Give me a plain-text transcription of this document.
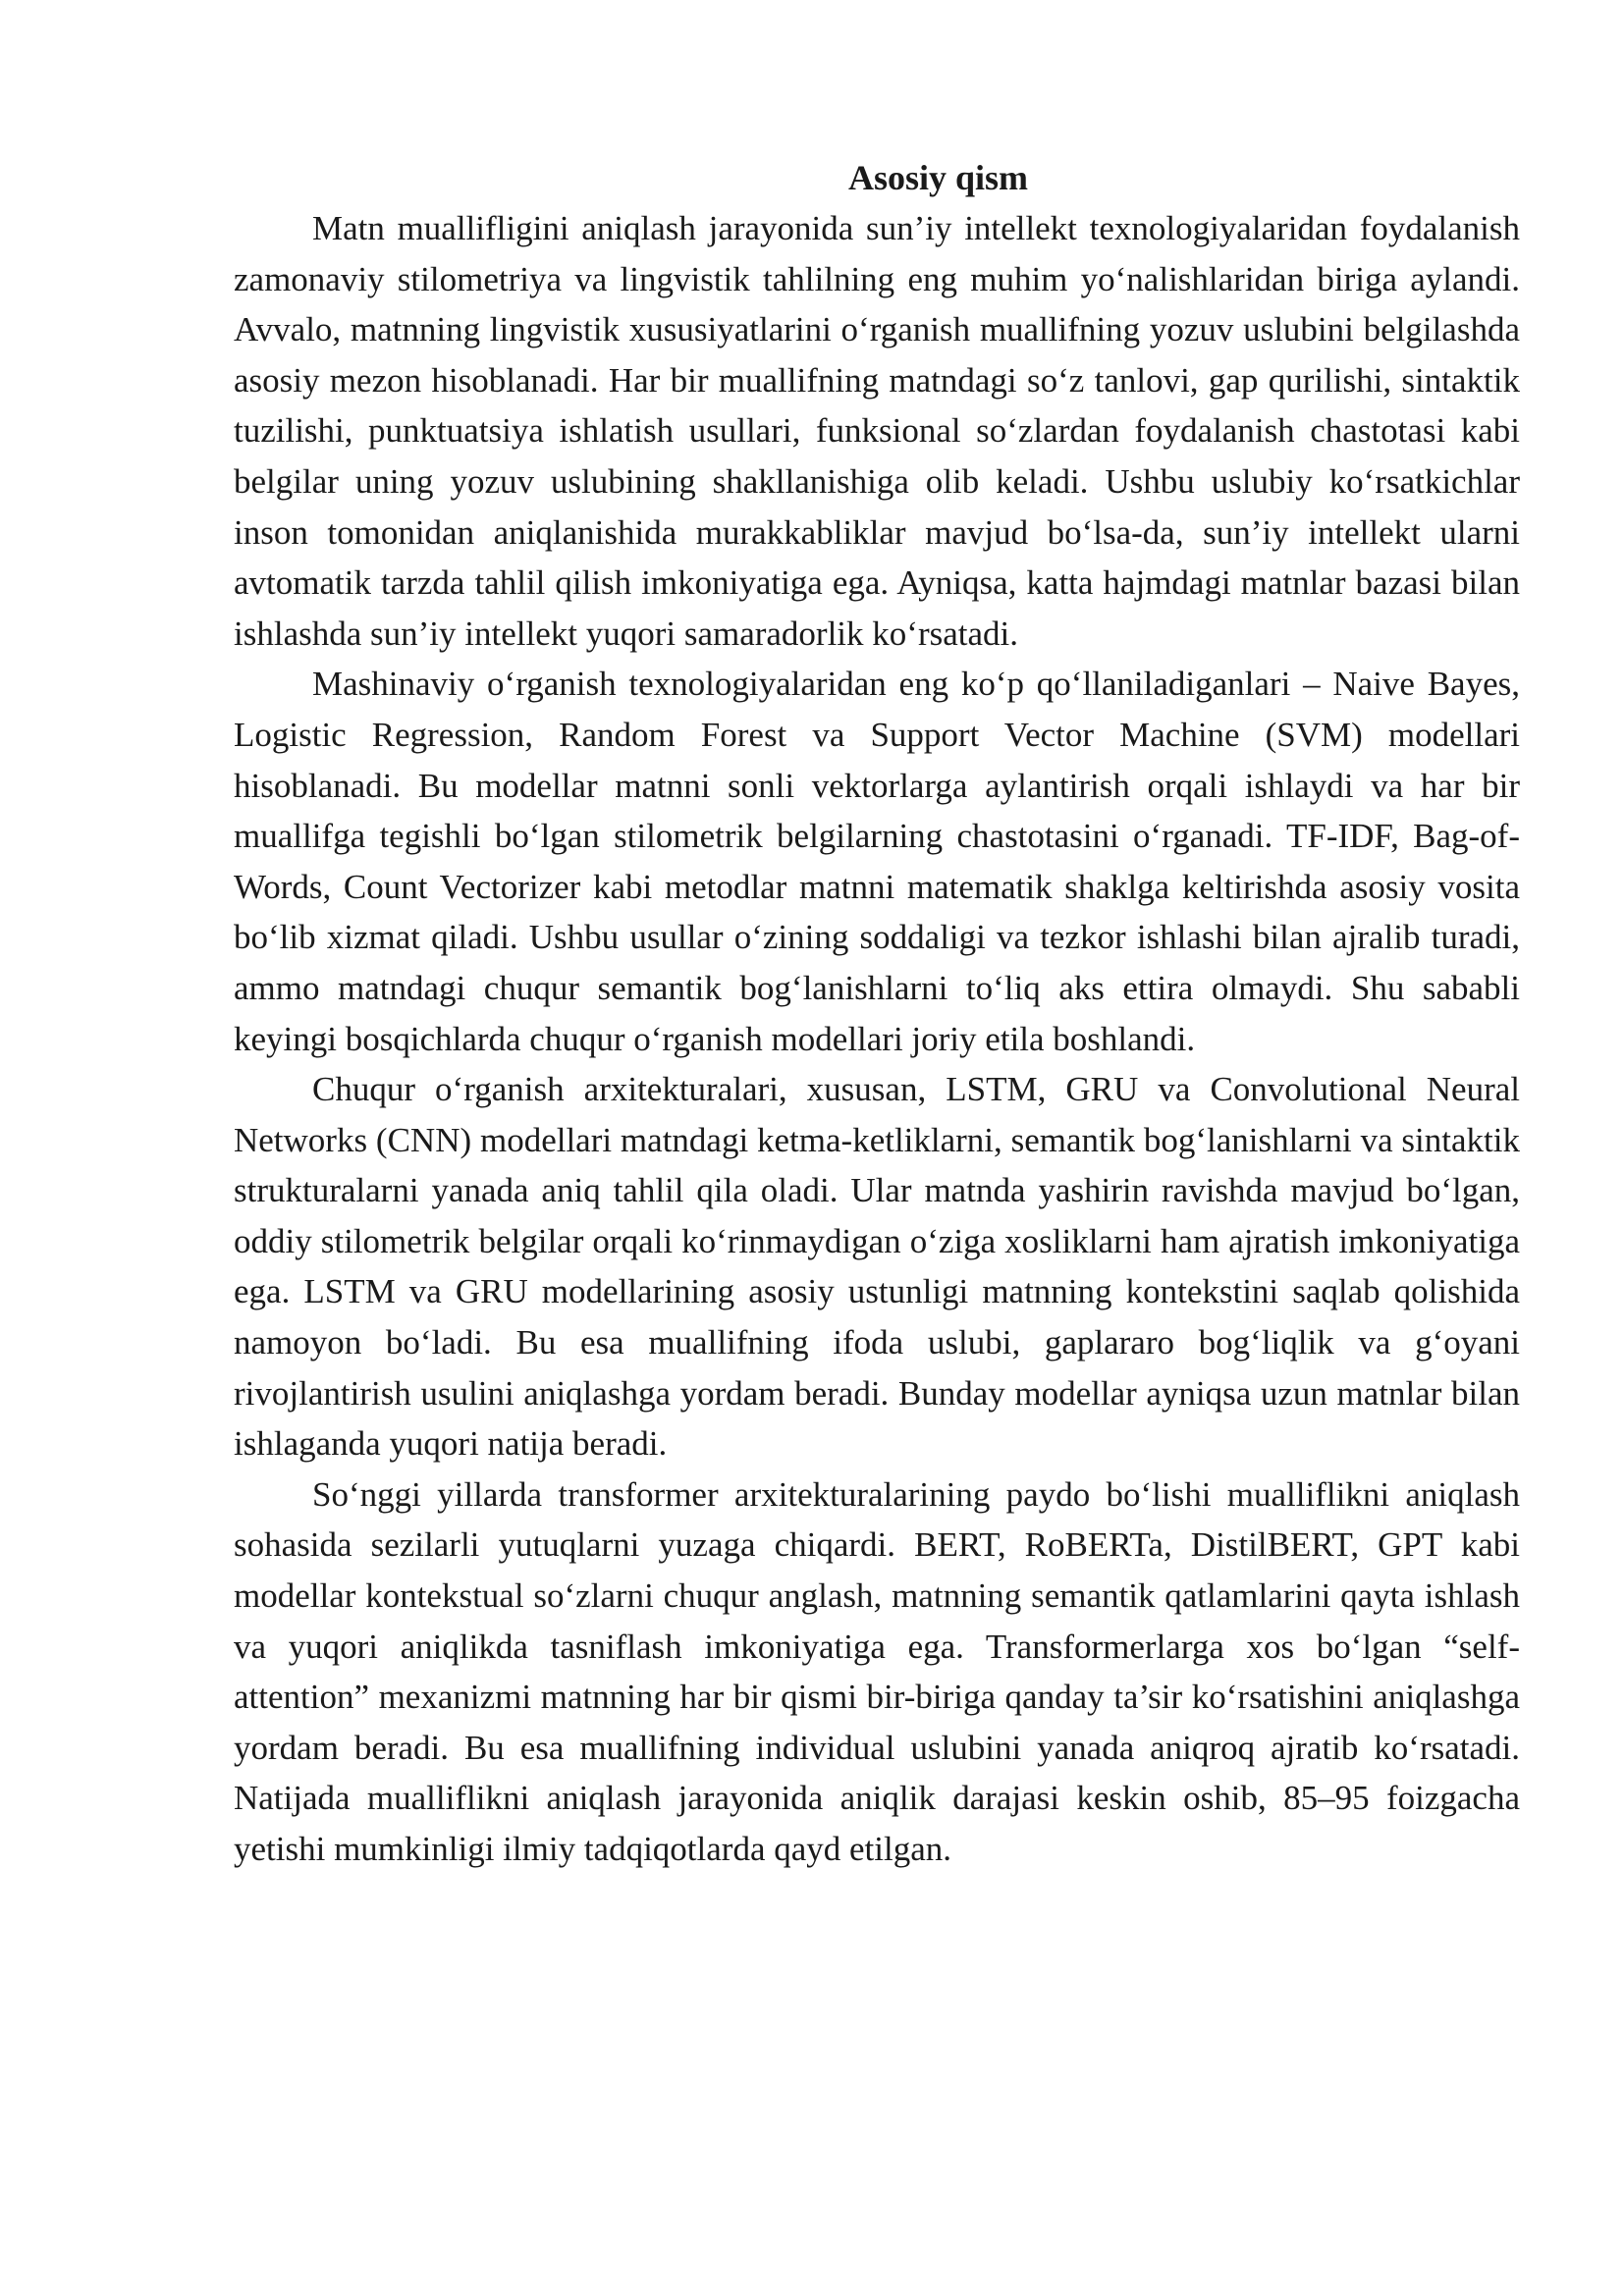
Asosiy qism

Matn muallifligini aniqlash jarayonida sun’iy intellekt texnologiyalaridan foydalanish zamonaviy stilometriya va lingvistik tahlilning eng muhim yo‘nalishlaridan biriga aylandi. Avvalo, matnning lingvistik xususiyatlarini o‘rganish muallifning yozuv uslubini belgilashda asosiy mezon hisoblanadi. Har bir muallifning matndagi so‘z tanlovi, gap qurilishi, sintaktik tuzilishi, punktuatsiya ishlatish usullari, funksional so‘zlardan foydalanish chastotasi kabi belgilar uning yozuv uslubining shakllanishiga olib keladi. Ushbu uslubiy ko‘rsatkichlar inson tomonidan aniqlanishida murakkabliklar mavjud bo‘lsa-da, sun’iy intellekt ularni avtomatik tarzda tahlil qilish imkoniyatiga ega. Ayniqsa, katta hajmdagi matnlar bazasi bilan ishlashda sun’iy intellekt yuqori samaradorlik ko‘rsatadi.

Mashinaviy o‘rganish texnologiyalaridan eng ko‘p qo‘llaniladiganlari – Naive Bayes, Logistic Regression, Random Forest va Support Vector Machine (SVM) modellari hisoblanadi. Bu modellar matnni sonli vektorlarga aylantirish orqali ishlaydi va har bir muallifga tegishli bo‘lgan stilometrik belgilarning chastotasini o‘rganadi. TF-IDF, Bag-of-Words, Count Vectorizer kabi metodlar matnni matematik shaklga keltirishda asosiy vosita bo‘lib xizmat qiladi. Ushbu usullar o‘zining soddaligi va tezkor ishlashi bilan ajralib turadi, ammo matndagi chuqur semantik bog‘lanishlarni to‘liq aks ettira olmaydi. Shu sababli keyingi bosqichlarda chuqur o‘rganish modellari joriy etila boshlandi.

Chuqur o‘rganish arxitekturalari, xususan, LSTM, GRU va Convolutional Neural Networks (CNN) modellari matndagi ketma-ketliklarni, semantik bog‘lanishlarni va sintaktik strukturalarni yanada aniq tahlil qila oladi. Ular matnda yashirin ravishda mavjud bo‘lgan, oddiy stilometrik belgilar orqali ko‘rinmaydigan o‘ziga xosliklarni ham ajratish imkoniyatiga ega. LSTM va GRU modellarining asosiy ustunligi matnning kontekstini saqlab qolishida namoyon bo‘ladi. Bu esa muallifning ifoda uslubi, gaplararo bog‘liqlik va g‘oyani rivojlantirish usulini aniqlashga yordam beradi. Bunday modellar ayniqsa uzun matnlar bilan ishlaganda yuqori natija beradi.

So‘nggi yillarda transformer arxitekturalarining paydo bo‘lishi mualliflikni aniqlash sohasida sezilarli yutuqlarni yuzaga chiqardi. BERT, RoBERTa, DistilBERT, GPT kabi modellar kontekstual so‘zlarni chuqur anglash, matnning semantik qatlamlarini qayta ishlash va yuqori aniqlikda tasniflash imkoniyatiga ega. Transformerlarga xos bo‘lgan “self-attention” mexanizmi matnning har bir qismi bir-biriga qanday ta’sir ko‘rsatishini aniqlashga yordam beradi. Bu esa muallifning individual uslubini yanada aniqroq ajratib ko‘rsatadi. Natijada mualliflikni aniqlash jarayonida aniqlik darajasi keskin oshib, 85–95 foizgacha yetishi mumkinligi ilmiy tadqiqotlarda qayd etilgan.
